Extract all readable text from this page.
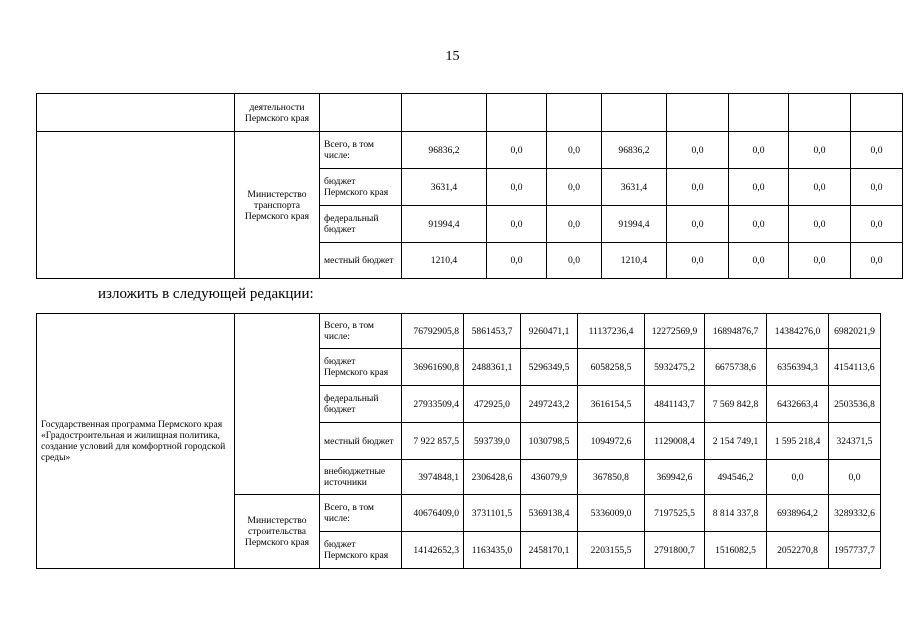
15
	деятельности Пермского края									
	Министерство транспорта Пермского края	Всего, в том числе:	96836,2	0,0	0,0	96836,2	0,0	0,0	0,0	0,0
		бюджет Пермского края	3631,4	0,0	0,0	3631,4	0,0	0,0	0,0	0,0
		федеральный бюджет	91994,4	0,0	0,0	91994,4	0,0	0,0	0,0	0,0
		местный бюджет	1210,4	0,0	0,0	1210,4	0,0	0,0	0,0	0,0
изложить в следующей редакции:
Государственная программа Пермского края «Градостроительная и жилищная политика, создание условий для комфортной городской среды»		Всего, в том числе:	76792905,8	5861453,7	9260471,1	11137236,4	12272569,9	16894876,7	14384276,0	6982021,9
		бюджет Пермского края	36961690,8	2488361,1	5296349,5	6058258,5	5932475,2	6675738,6	6356394,3	4154113,6
		федеральный бюджет	27933509,4	472925,0	2497243,2	3616154,5	4841143,7	7 569 842,8	6432663,4	2503536,8
		местный бюджет	7 922 857,5	593739,0	1030798,5	1094972,6	1129008,4	2 154 749,1	1 595 218,4	324371,5
		внебюджетные источники	3974848,1	2306428,6	436079,9	367850,8	369942,6	494546,2	0,0	0,0
	Министерство строительства Пермского края	Всего, в том числе:	40676409,0	3731101,5	5369138,4	5336009,0	7197525,5	8 814 337,8	6938964,2	3289332,6
		бюджет Пермского края	14142652,3	1163435,0	2458170,1	2203155,5	2791800,7	1516082,5	2052270,8	1957737,7
